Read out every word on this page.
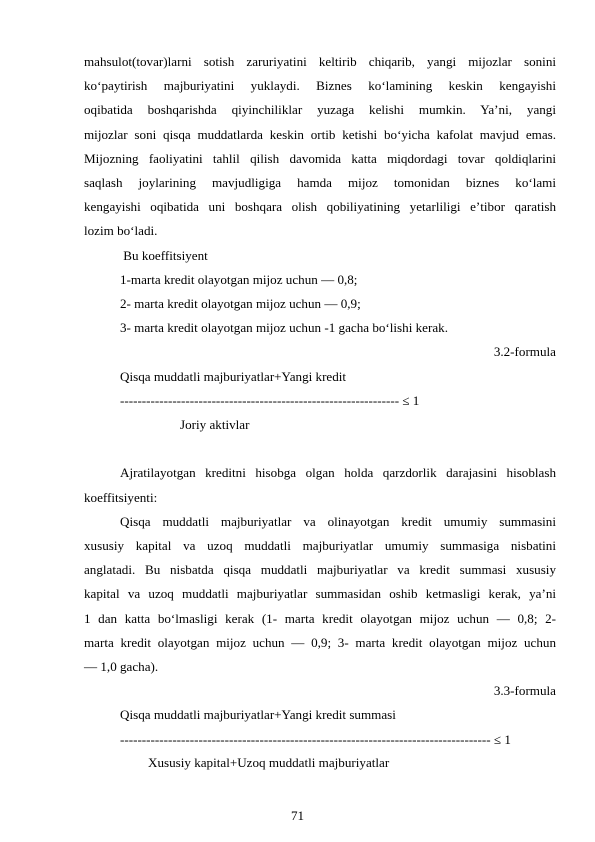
mahsulot(tovar)larni sotish zaruriyatini keltirib chiqarib, yangi mijozlar sonini

koʻpaytirish majburiyatini yuklaydi. Biznes koʻlamining keskin kengayishi

oqibatida boshqarishda qiyinchiliklar yuzaga kelishi mumkin. Yaʼni, yangi

mijozlar soni qisqa muddatlarda keskin ortib ketishi boʻyicha kafolat mavjud emas.

Mijozning faoliyatini tahlil qilish davomida katta miqdordagi tovar qoldiqlarini

saqlash joylarining mavjudligiga hamda mijoz tomonidan biznes koʻlami

kengayishi oqibatida uni boshqara olish qobiliyatining yetarliligi eʼtibor qaratish

lozim boʻladi.

Bu koeffitsiyent

1-marta kredit olayotgan mijoz uchun — 0,8;

2- marta kredit olayotgan mijoz uchun — 0,9;

3- marta kredit olayotgan mijoz uchun -1 gacha boʻlishi kerak.

3.2-formula

Qisqa muddatli majburiyatlar+Yangi kredit

---------------------------------------------------------------- ≤ 1

Joriy aktivlar

Ajratilayotgan kreditni hisobga olgan holda qarzdorlik darajasini hisoblash

koeffitsiyenti:

Qisqa muddatli majburiyatlar va olinayotgan kredit umumiy summasini

xususiy kapital va uzoq muddatli majburiyatlar umumiy summasiga nisbatini

anglatadi. Bu nisbatda qisqa muddatli majburiyatlar va kredit summasi xususiy

kapital va uzoq muddatli majburiyatlar summasidan oshib ketmasligi kerak, yaʼni

1 dan katta boʻlmasligi kerak (1- marta kredit olayotgan mijoz uchun — 0,8; 2-

marta kredit olayotgan mijoz uchun — 0,9; 3- marta kredit olayotgan mijoz uchun

— 1,0 gacha).

3.3-formula

Qisqa muddatli majburiyatlar+Yangi kredit summasi

------------------------------------------------------------------------------------- ≤ 1

Xususiy kapital+Uzoq muddatli majburiyatlar

71
